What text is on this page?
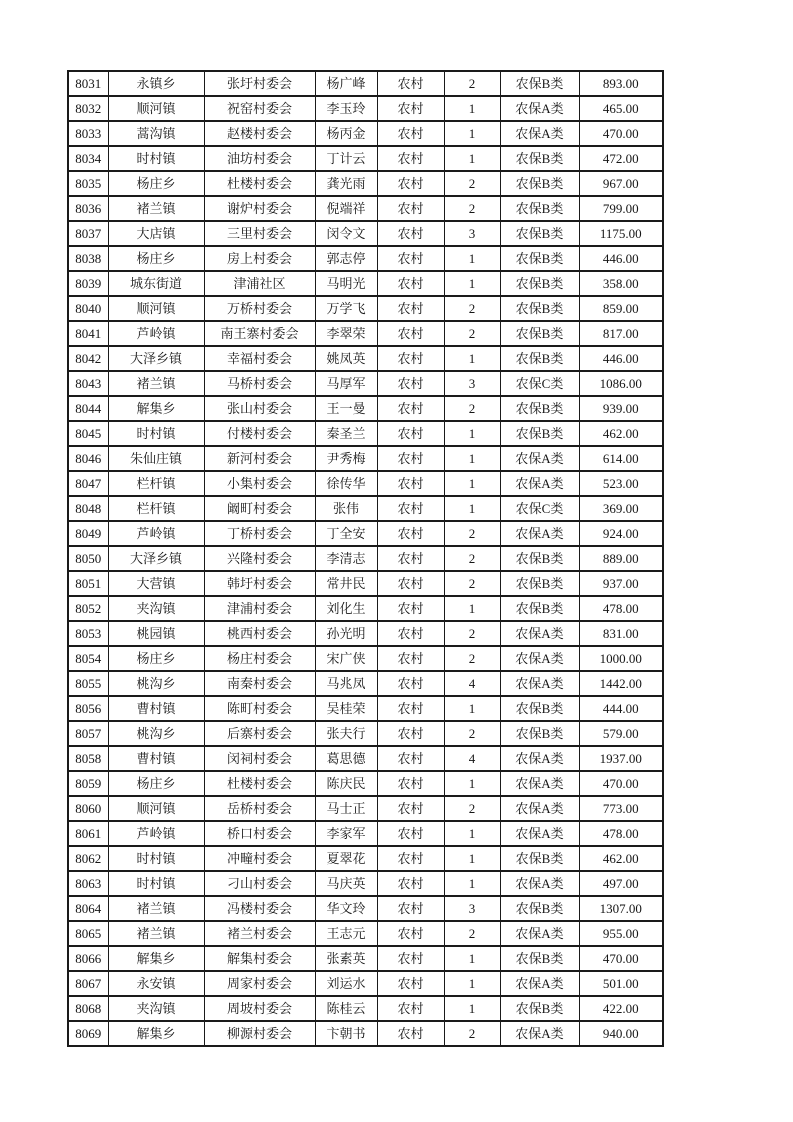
8031	永镇乡	张圩村委会	杨广峰	农村	2	农保B类	893.00
8032	顺河镇	祝窑村委会	李玉玲	农村	1	农保A类	465.00
8033	蒿沟镇	赵楼村委会	杨丙金	农村	1	农保A类	470.00
8034	时村镇	油坊村委会	丁计云	农村	1	农保B类	472.00
8035	杨庄乡	杜楼村委会	龚光雨	农村	2	农保B类	967.00
8036	褚兰镇	谢炉村委会	倪端祥	农村	2	农保B类	799.00
8037	大店镇	三里村委会	闵令文	农村	3	农保B类	1175.00
8038	杨庄乡	房上村委会	郭志停	农村	1	农保B类	446.00
8039	城东街道	津浦社区	马明光	农村	1	农保B类	358.00
8040	顺河镇	万桥村委会	万学飞	农村	2	农保B类	859.00
8041	芦岭镇	南王寨村委会	李翠荣	农村	2	农保B类	817.00
8042	大泽乡镇	幸福村委会	姚凤英	农村	1	农保B类	446.00
8043	褚兰镇	马桥村委会	马厚军	农村	3	农保C类	1086.00
8044	解集乡	张山村委会	王一曼	农村	2	农保B类	939.00
8045	时村镇	付楼村委会	秦圣兰	农村	1	农保B类	462.00
8046	朱仙庄镇	新河村委会	尹秀梅	农村	1	农保A类	614.00
8047	栏杆镇	小集村委会	徐传华	农村	1	农保A类	523.00
8048	栏杆镇	阚町村委会	张伟	农村	1	农保C类	369.00
8049	芦岭镇	丁桥村委会	丁全安	农村	2	农保A类	924.00
8050	大泽乡镇	兴隆村委会	李清志	农村	2	农保B类	889.00
8051	大营镇	韩圩村委会	常井民	农村	2	农保B类	937.00
8052	夹沟镇	津浦村委会	刘化生	农村	1	农保B类	478.00
8053	桃园镇	桃西村委会	孙光明	农村	2	农保A类	831.00
8054	杨庄乡	杨庄村委会	宋广侠	农村	2	农保A类	1000.00
8055	桃沟乡	南秦村委会	马兆凤	农村	4	农保A类	1442.00
8056	曹村镇	陈町村委会	吴桂荣	农村	1	农保B类	444.00
8057	桃沟乡	后寨村委会	张夫行	农村	2	农保B类	579.00
8058	曹村镇	闵祠村委会	葛思德	农村	4	农保A类	1937.00
8059	杨庄乡	杜楼村委会	陈庆民	农村	1	农保A类	470.00
8060	顺河镇	岳桥村委会	马士正	农村	2	农保A类	773.00
8061	芦岭镇	桥口村委会	李家军	农村	1	农保A类	478.00
8062	时村镇	冲疃村委会	夏翠花	农村	1	农保B类	462.00
8063	时村镇	刁山村委会	马庆英	农村	1	农保A类	497.00
8064	褚兰镇	冯楼村委会	华文玲	农村	3	农保B类	1307.00
8065	褚兰镇	褚兰村委会	王志元	农村	2	农保A类	955.00
8066	解集乡	解集村委会	张素英	农村	1	农保B类	470.00
8067	永安镇	周家村委会	刘运水	农村	1	农保A类	501.00
8068	夹沟镇	周坡村委会	陈桂云	农村	1	农保B类	422.00
8069	解集乡	柳源村委会	卞朝书	农村	2	农保A类	940.00
